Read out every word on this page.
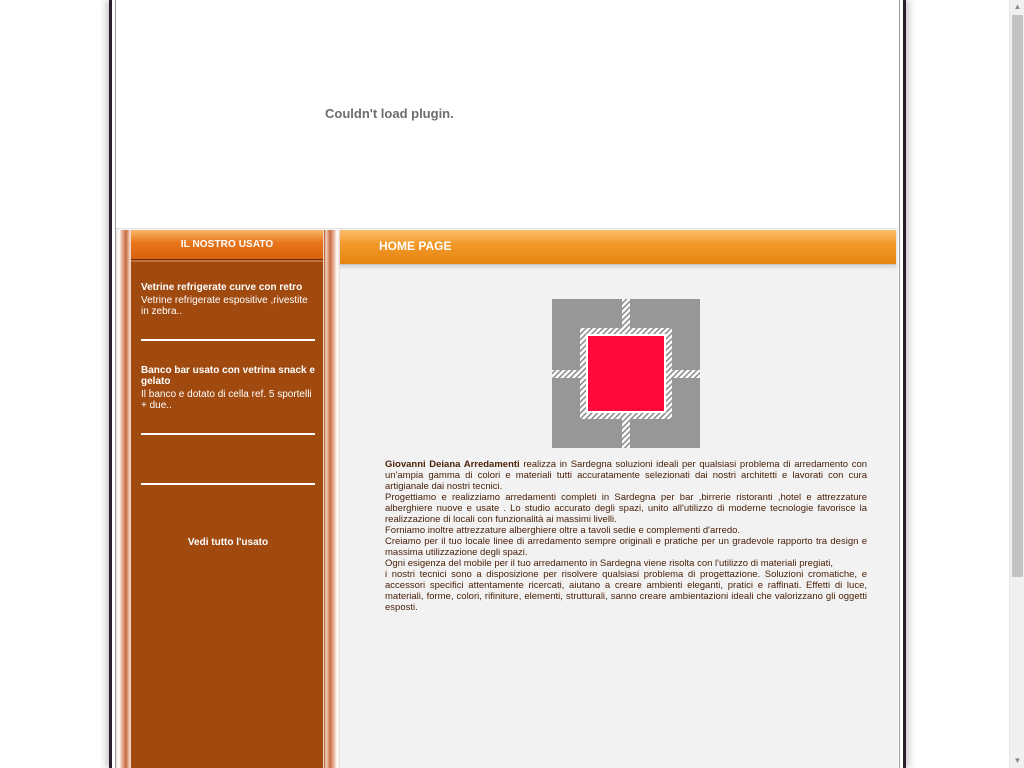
Couldn't load plugin.
IL NOSTRO USATO
Vetrine refrigerate curve con retro
Vetrine refrigerate espositive ,rivestite in zebra..
Banco bar usato con vetrina snack e gelato
Il banco e dotato di cella ref. 5 sportelli + due..
Vedi tutto l'usato
HOME PAGE

Giovanni Deiana Arredamenti realizza in Sardegna soluzioni ideali per qualsiasi problema di arredamento con un'ampia gamma di colori e materiali tutti accuratamente selezionati dai nostri architetti e lavorati con cura artigianale dai nostri tecnici.

Progettiamo e realizziamo arredamenti completi in Sardegna per bar ,birrerie ristoranti ,hotel e attrezzature alberghiere nuove e usate . Lo studio accurato degli spazi, unito all'utilizzo di moderne tecnologie favorisce la realizzazione di locali con funzionalità ai massimi livelli.

Forniamo inoltre attrezzature alberghiere oltre a tavoli sedie e complementi d'arredo.

Creiamo per il tuo locale linee di arredamento sempre originali e pratiche per un gradevole rapporto tra design e massima utilizzazione degli spazi.

Ogni esigenza del mobile per il tuo arredamento in Sardegna viene risolta con l'utilizzo di materiali pregiati,

i nostri tecnici sono a disposizione per risolvere qualsiasi problema di progettazione. Soluzioni cromatiche, e accessori specifici attentamente ricercati, aiutano a creare ambienti eleganti, pratici e raffinati. Effetti di luce, materiali, forme, colori, rifiniture, elementi, strutturali, sanno creare ambientazioni ideali che valorizzano gli oggetti esposti.

▲
▼
